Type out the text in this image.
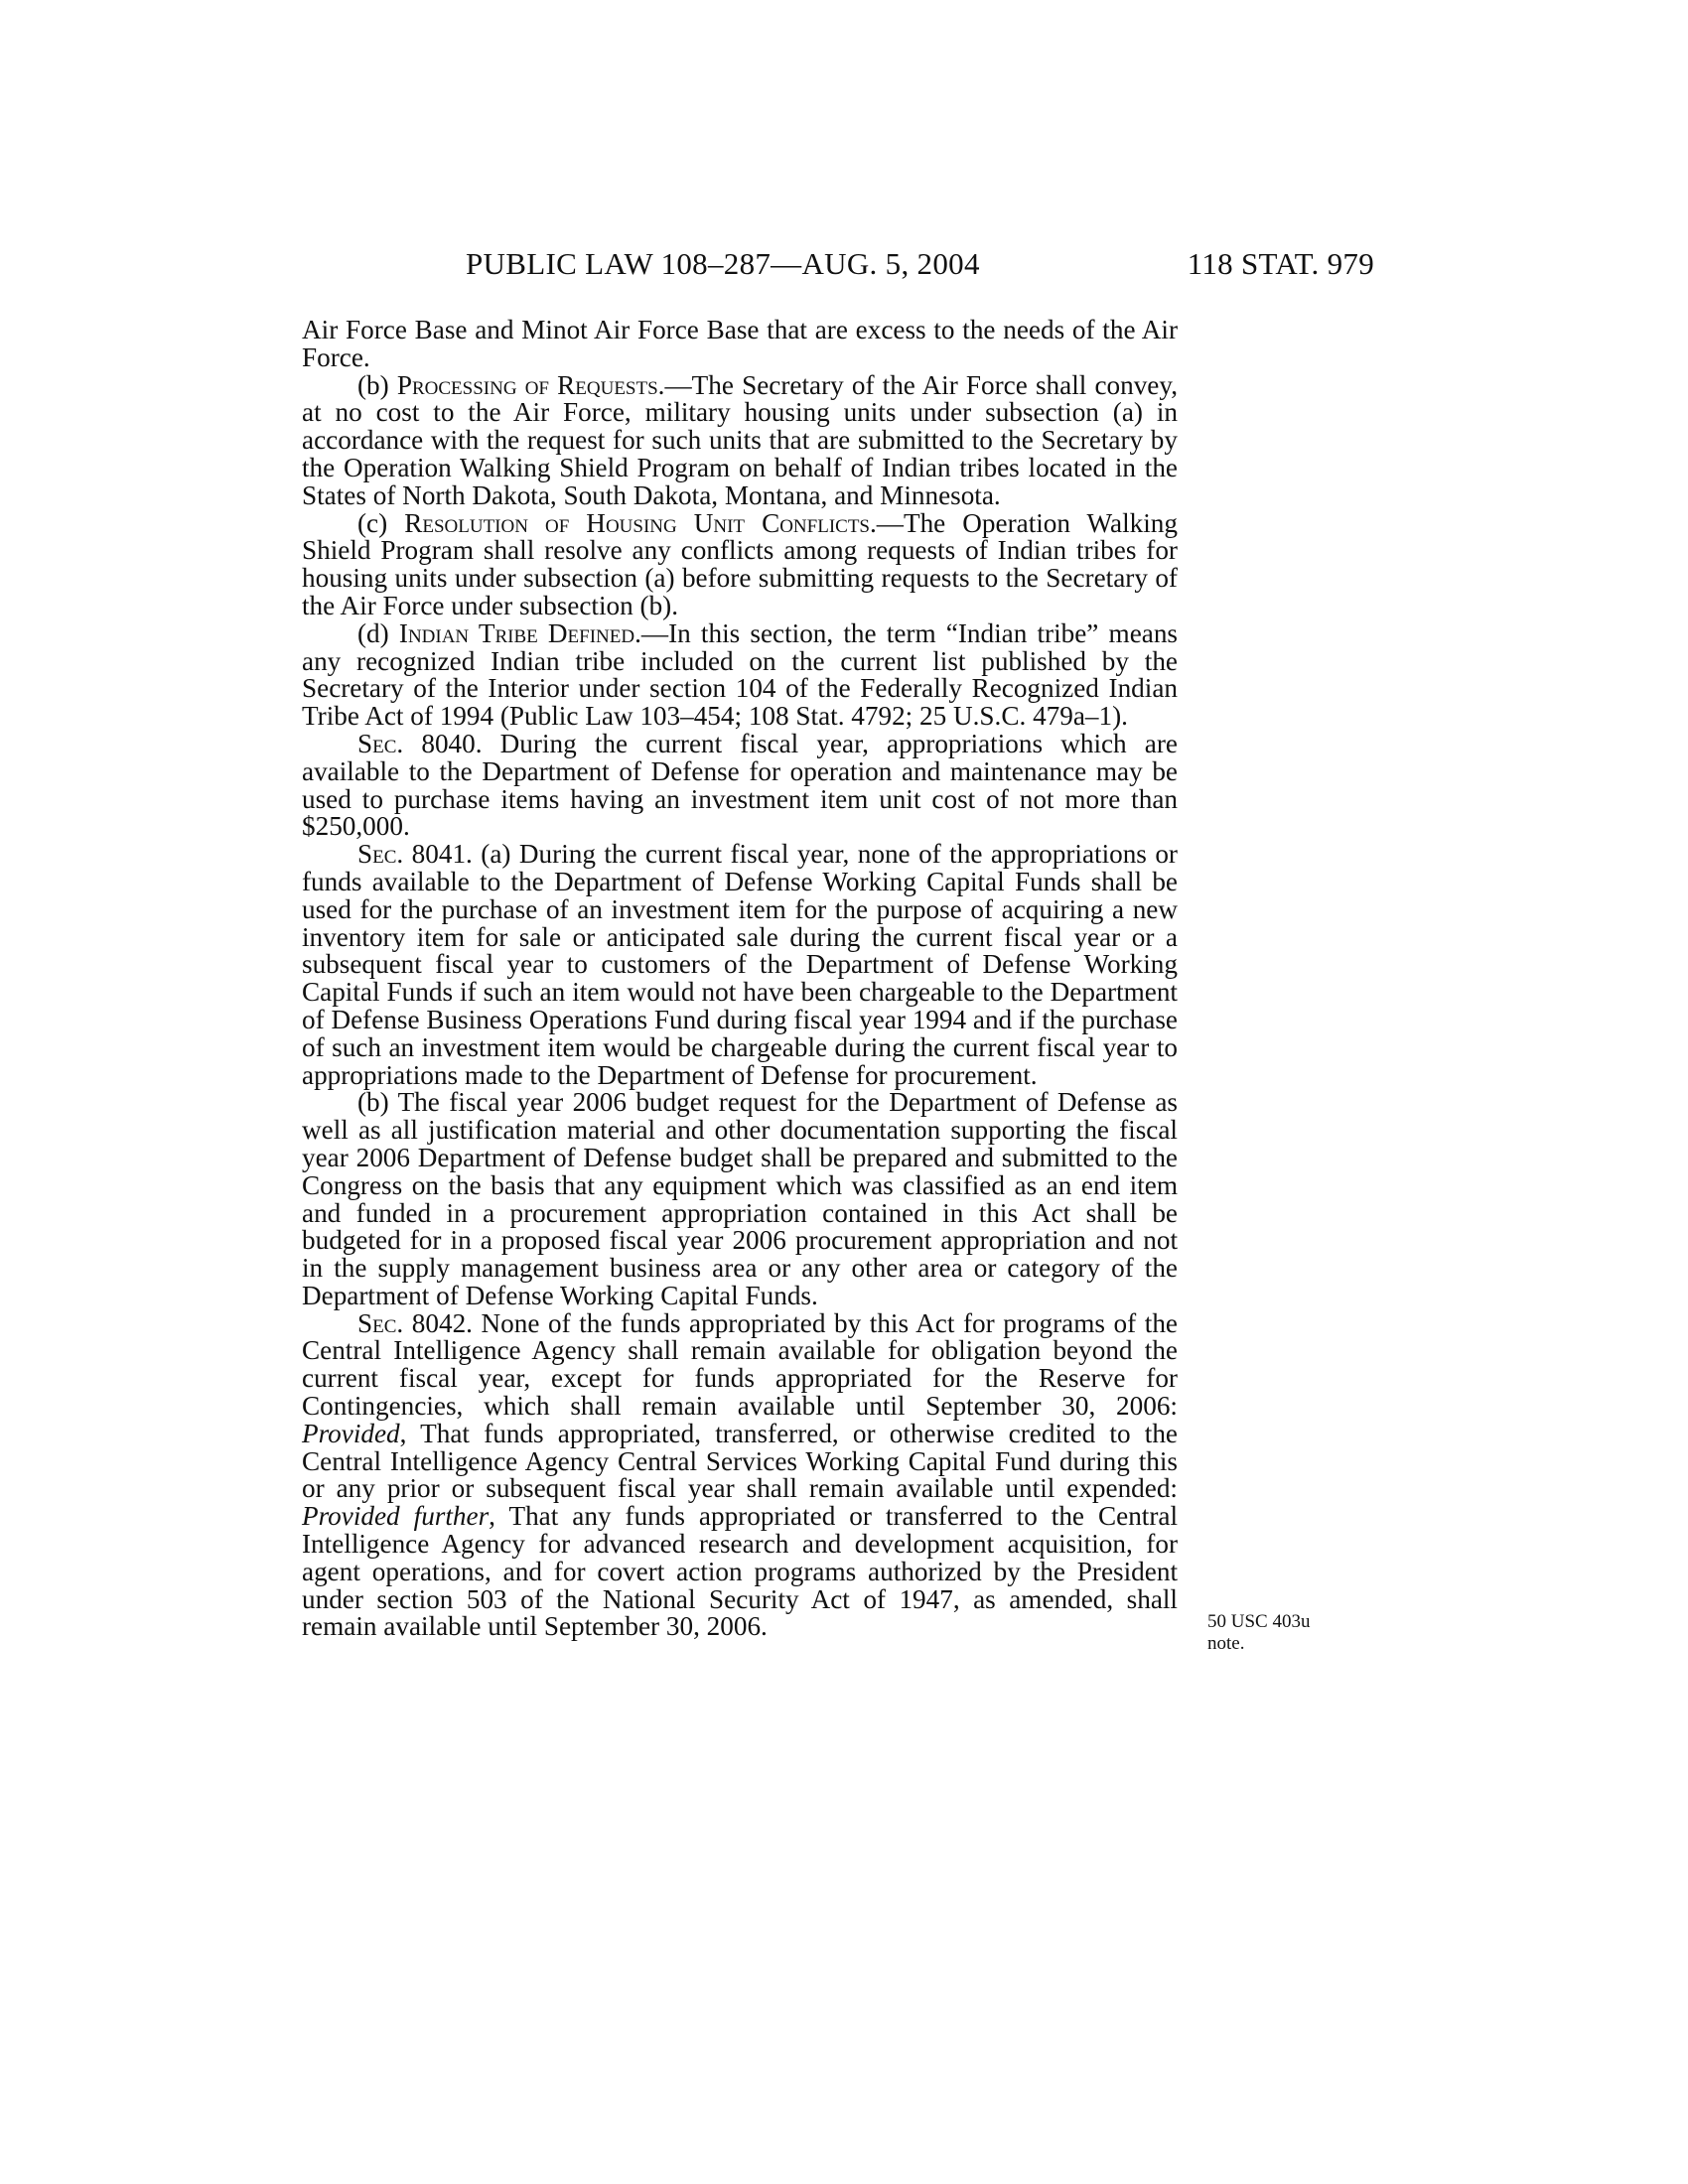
PUBLIC LAW 108–287—AUG. 5, 2004	118 STAT. 979

Air Force Base and Minot Air Force Base that are excess to the needs of the Air Force.

(b) Processing of Requests.—The Secretary of the Air Force shall convey, at no cost to the Air Force, military housing units under subsection (a) in accordance with the request for such units that are submitted to the Secretary by the Operation Walking Shield Program on behalf of Indian tribes located in the States of North Dakota, South Dakota, Montana, and Minnesota.

(c) Resolution of Housing Unit Conflicts.—The Operation Walking Shield Program shall resolve any conflicts among requests of Indian tribes for housing units under subsection (a) before submitting requests to the Secretary of the Air Force under subsection (b).

(d) Indian Tribe Defined.—In this section, the term “Indian tribe” means any recognized Indian tribe included on the current list published by the Secretary of the Interior under section 104 of the Federally Recognized Indian Tribe Act of 1994 (Public Law 103–454; 108 Stat. 4792; 25 U.S.C. 479a–1).

Sec. 8040. During the current fiscal year, appropriations which are available to the Department of Defense for operation and maintenance may be used to purchase items having an investment item unit cost of not more than $250,000.

Sec. 8041. (a) During the current fiscal year, none of the appropriations or funds available to the Department of Defense Working Capital Funds shall be used for the purchase of an investment item for the purpose of acquiring a new inventory item for sale or anticipated sale during the current fiscal year or a subsequent fiscal year to customers of the Department of Defense Working Capital Funds if such an item would not have been chargeable to the Department of Defense Business Operations Fund during fiscal year 1994 and if the purchase of such an investment item would be chargeable during the current fiscal year to appropriations made to the Department of Defense for procurement.

(b) The fiscal year 2006 budget request for the Department of Defense as well as all justification material and other documentation supporting the fiscal year 2006 Department of Defense budget shall be prepared and submitted to the Congress on the basis that any equipment which was classified as an end item and funded in a procurement appropriation contained in this Act shall be budgeted for in a proposed fiscal year 2006 procurement appropriation and not in the supply management business area or any other area or category of the Department of Defense Working Capital Funds.

Sec. 8042. None of the funds appropriated by this Act for programs of the Central Intelligence Agency shall remain available for obligation beyond the current fiscal year, except for funds appropriated for the Reserve for Contingencies, which shall remain available until September 30, 2006: Provided, That funds appropriated, transferred, or otherwise credited to the Central Intelligence Agency Central Services Working Capital Fund during this or any prior or subsequent fiscal year shall remain available until expended: Provided further, That any funds appropriated or transferred to the Central Intelligence Agency for advanced research and development acquisition, for agent operations, and for covert action programs authorized by the President under section 503 of the National Security Act of 1947, as amended, shall remain available until September 30, 2006.	50 USC 403u
note.
